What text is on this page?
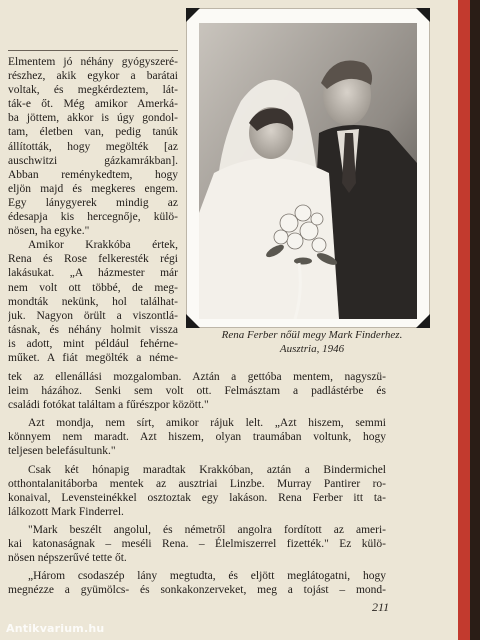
Rena Ferber nőül megy Mark Finderhez.
Ausztria, 1946
Elmentem jó néhány gyógyszeré-
részhez, akik egykor a barátai
voltak, és megkérdeztem, lát-
ták-e őt. Még amikor Amerká-
ba jöttem, akkor is úgy gondol-
tam, életben van, pedig tanúk
állították, hogy megölték [az
auschwitzi gázkamrákban].
Abban reménykedtem, hogy
eljön majd és megkeres engem.
Egy lánygyerek mindig az
édesapja kis hercegnője, külö-
nösen, ha egyke."
Amikor Krakkóba értek,
Rena és Rose felkeresték régi
lakásukat. „A házmester már
nem volt ott többé, de meg-
mondták nekünk, hol találhat-
juk. Nagyon örült a viszontlá-
tásnak, és néhány holmit vissza
is adott, mint például fehérne-
műket. A fiát megölték a néme-
tek az ellenállási mozgalomban. Aztán a gettóba mentem, nagyszü-
leim házához. Senki sem volt ott. Felmásztam a padlástérbe és
családi fotókat találtam a fűrészpor között."
Azt mondja, nem sírt, amikor rájuk lelt. „Azt hiszem, semmi
könnyem nem maradt. Azt hiszem, olyan traumában voltunk, hogy
teljesen belefásultunk."
Csak két hónapig maradtak Krakkóban, aztán a Bindermichel
otthontalanitáborba mentek az ausztriai Linzbe. Murray Pantirer ro-
konaival, Levensteinékkel osztoztak egy lakáson. Rena Ferber itt ta-
lálkozott Mark Finderrel.
"Mark beszélt angolul, és németről angolra fordított az ameri-
kai katonaságnak – meséli Rena. – Élelmiszerrel fizették." Ez külö-
nösen népszerűvé tette őt.
„Három csodaszép lány megtudta, és eljött meglátogatni, hogy
megnézze a gyümölcs- és sonkakonzerveket, meg a tojást – mond-
211
Antikvarium.hu
